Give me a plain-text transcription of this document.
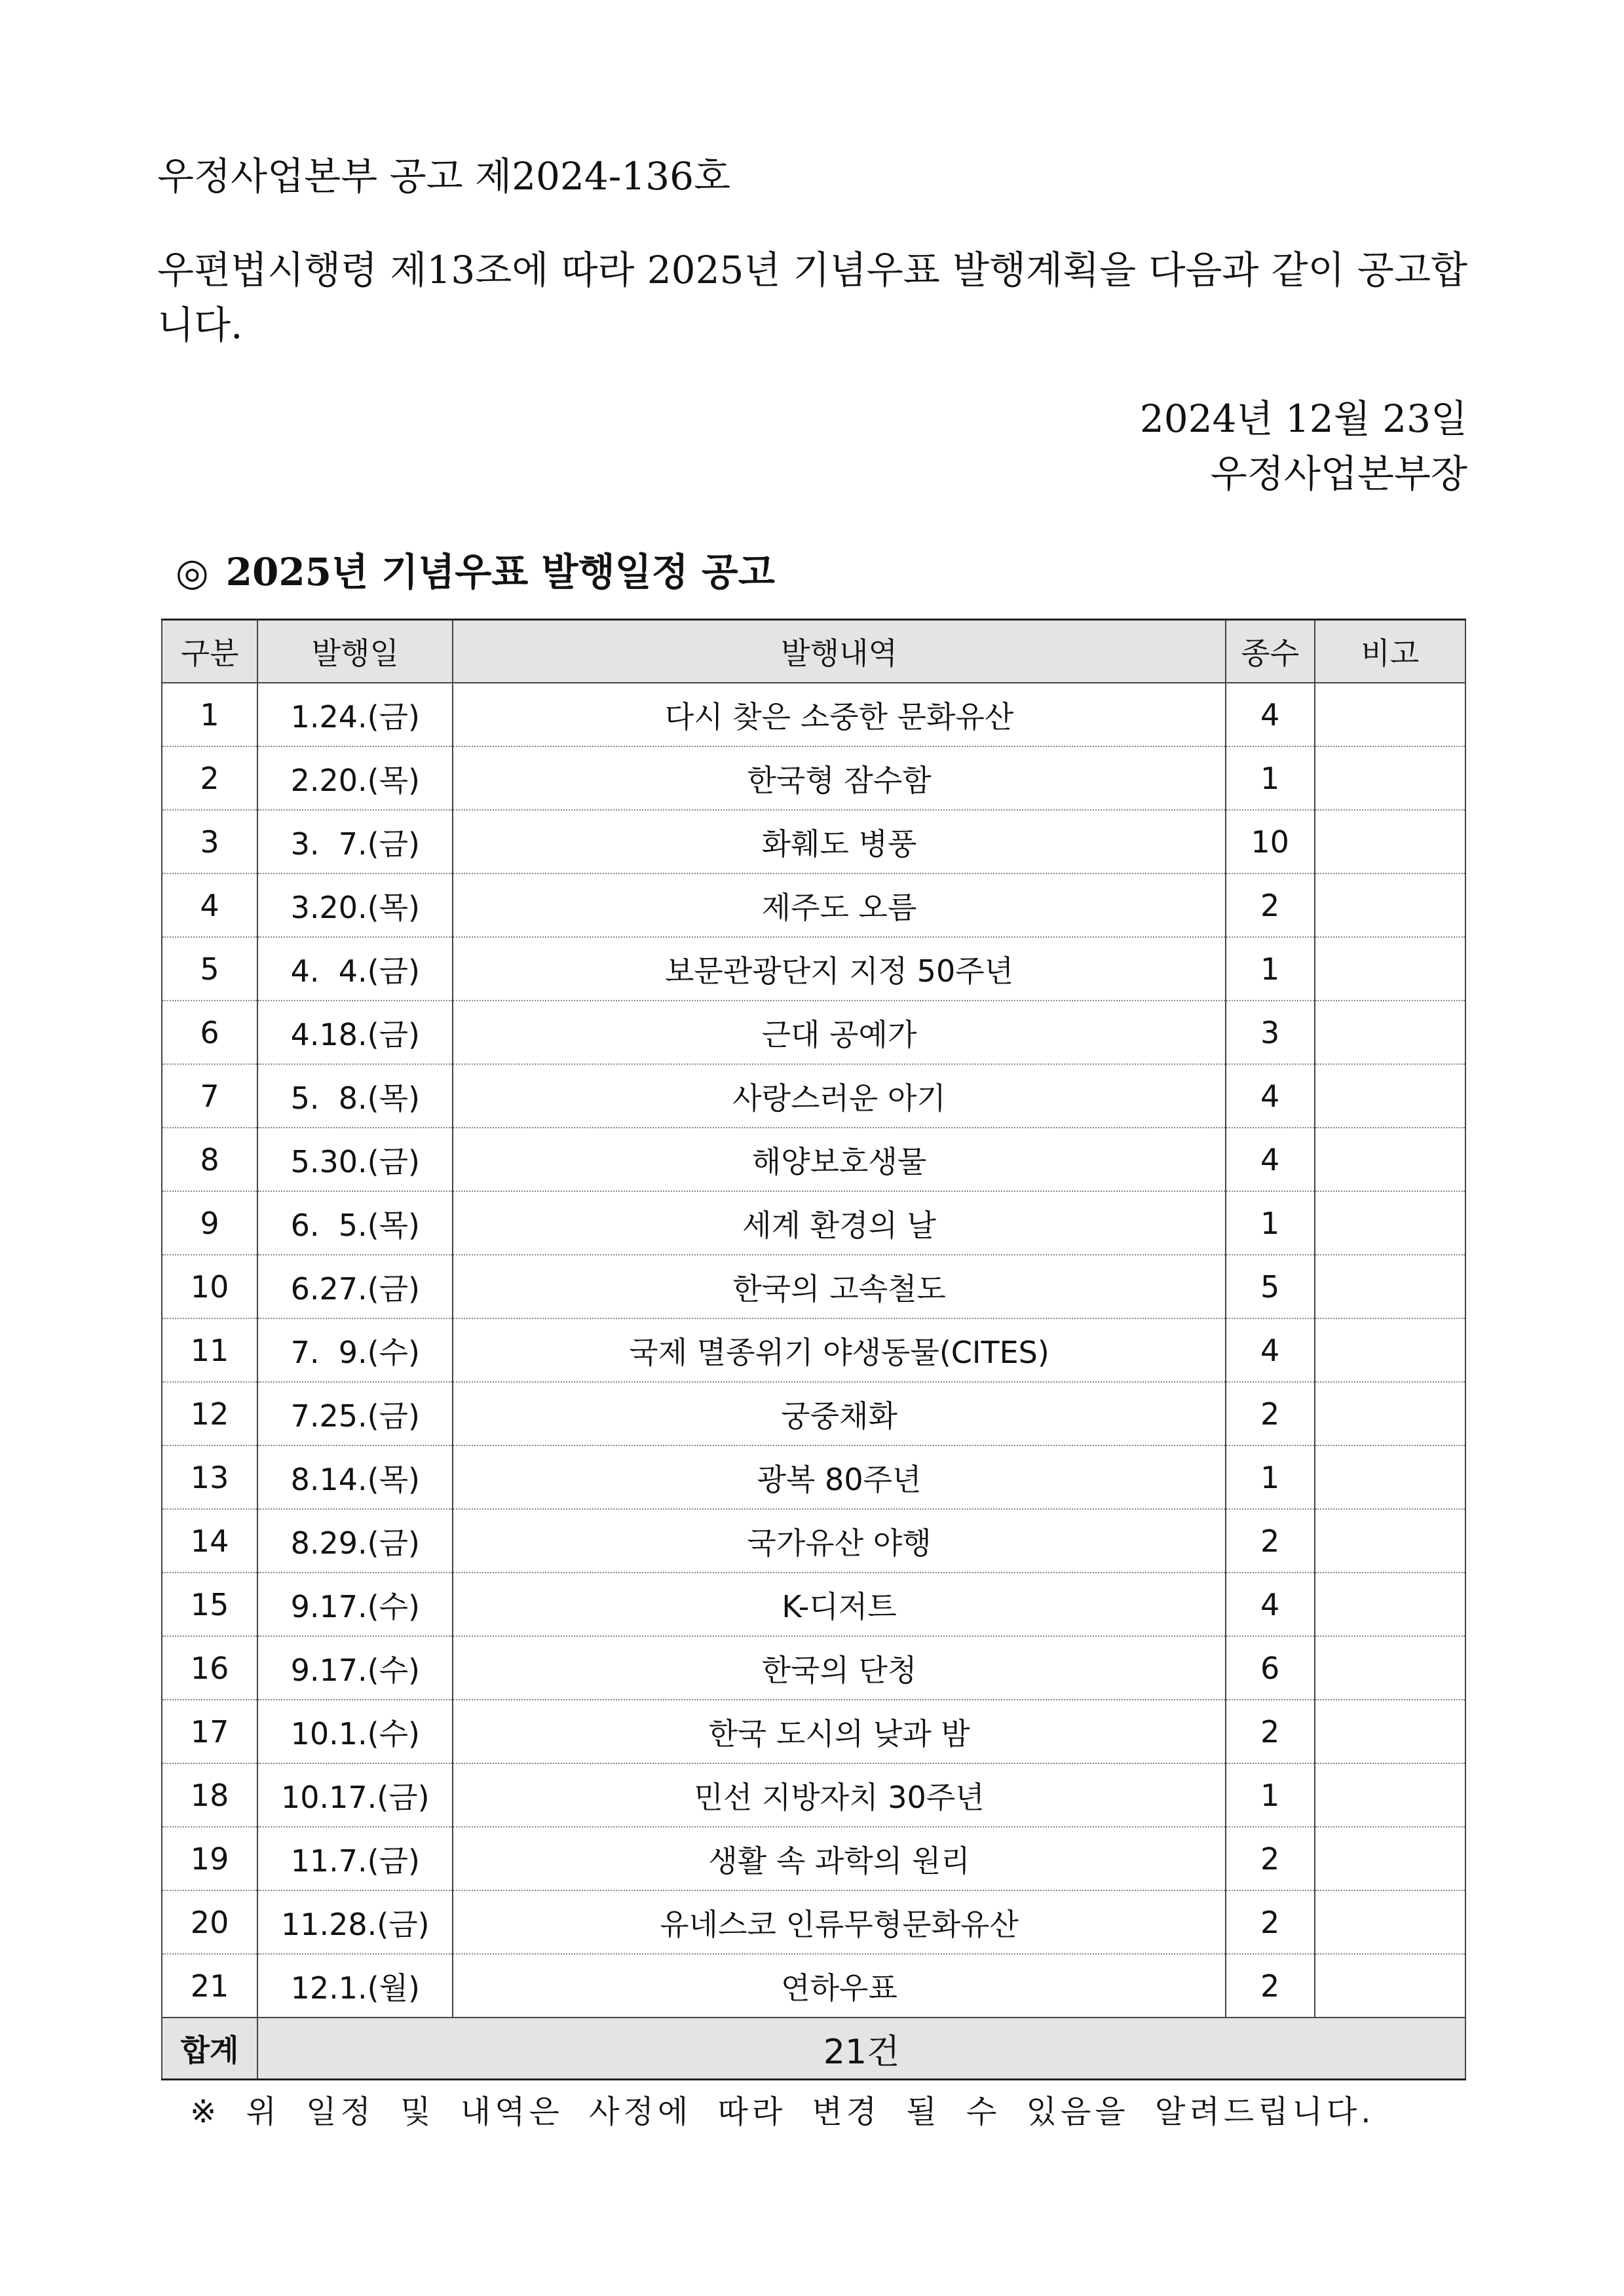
우정사업본부 공고 제2024-136호
우편법시행령 제13조에 따라 2025년 기념우표 발행계획을 다음과 같이 공고합니다.
2024년 12월 23일
우정사업본부장
◎ 2025년 기념우표 발행일정 공고
구분	발행일	발행내역	종수	비고
1	1.24.(금)	다시 찾은 소중한 문화유산	4	
2	2.20.(목)	한국형 잠수함	1	
3	3.  7.(금)	화훼도 병풍	10	
4	3.20.(목)	제주도 오름	2	
5	4.  4.(금)	보문관광단지 지정 50주년	1	
6	4.18.(금)	근대 공예가	3	
7	5.  8.(목)	사랑스러운 아기	4	
8	5.30.(금)	해양보호생물	4	
9	6.  5.(목)	세계 환경의 날	1	
10	6.27.(금)	한국의 고속철도	5	
11	7.  9.(수)	국제 멸종위기 야생동물(CITES)	4	
12	7.25.(금)	궁중채화	2	
13	8.14.(목)	광복 80주년	1	
14	8.29.(금)	국가유산 야행	2	
15	9.17.(수)	K-디저트	4	
16	9.17.(수)	한국의 단청	6	
17	10.1.(수)	한국 도시의 낮과 밤	2	
18	10.17.(금)	민선 지방자치 30주년	1	
19	11.7.(금)	생활 속 과학의 원리	2	
20	11.28.(금)	유네스코 인류무형문화유산	2	
21	12.1.(월)	연하우표	2	
합계	21건			
※ 위 일정 및 내역은 사정에 따라 변경 될 수 있음을 알려드립니다.
